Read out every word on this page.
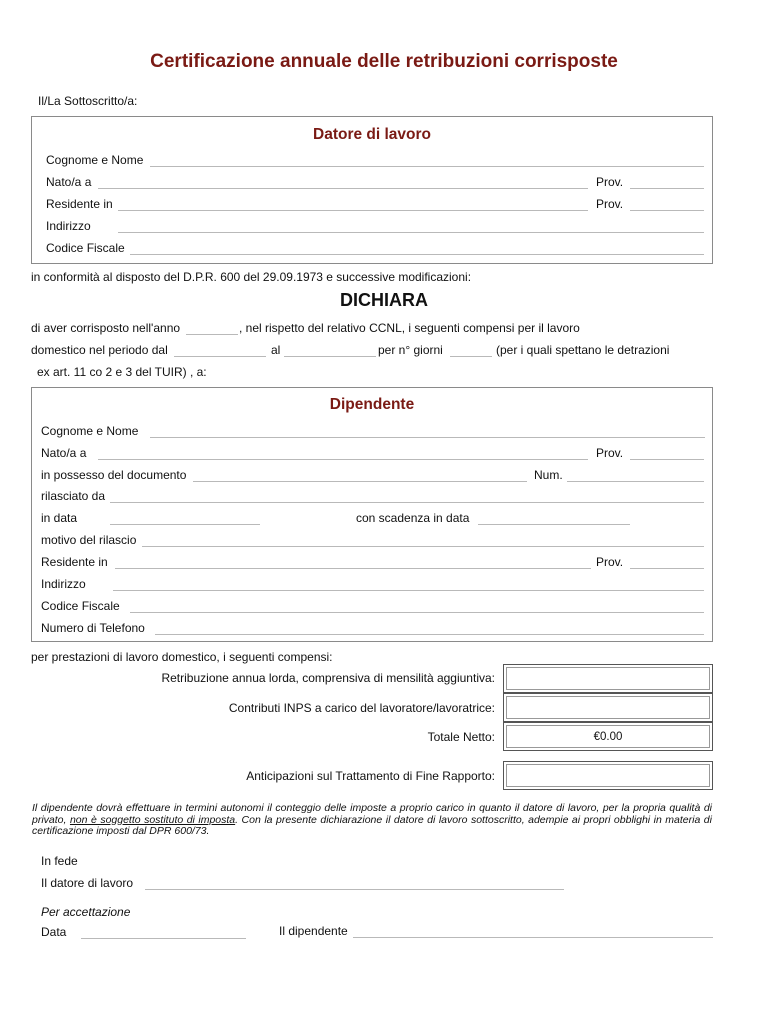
Certificazione annuale delle retribuzioni corrisposte
Il/La Sottoscritto/a:
Datore di lavoro
Cognome e Nome
Nato/a a	Prov.
Residente in	Prov.
Indirizzo
Codice Fiscale
in conformità al disposto del D.P.R. 600 del 29.09.1973 e successive modificazioni:
DICHIARA
di aver corrisposto nell'anno	, nel rispetto del relativo CCNL, i seguenti compensi per il lavoro
domestico nel periodo dal	al	per n° giorni	(per i quali spettano le detrazioni
ex art. 11 co 2 e 3 del TUIR) , a:
Dipendente
Cognome e Nome
Nato/a a	Prov.
in possesso del documento	Num.
rilasciato da
in data	con scadenza in data
motivo del rilascio
Residente in	Prov.
Indirizzo
Codice Fiscale
Numero di Telefono
per prestazioni di lavoro domestico, i seguenti compensi:
Retribuzione annua lorda, comprensiva di mensilità aggiuntiva:
Contributi INPS a carico del lavoratore/lavoratrice:
Totale Netto:	€0.00
Anticipazioni sul Trattamento di Fine Rapporto:
Il dipendente dovrà effettuare in termini autonomi il conteggio delle imposte a proprio carico in quanto il datore di lavoro, per la propria qualità di privato, non è soggetto sostituto di imposta. Con la presente dichiarazione il datore di lavoro sottoscritto, adempie ai propri obblighi in materia di certificazione imposti dal DPR 600/73.
In fede
Il datore di lavoro
Per accettazione
Data	Il dipendente
